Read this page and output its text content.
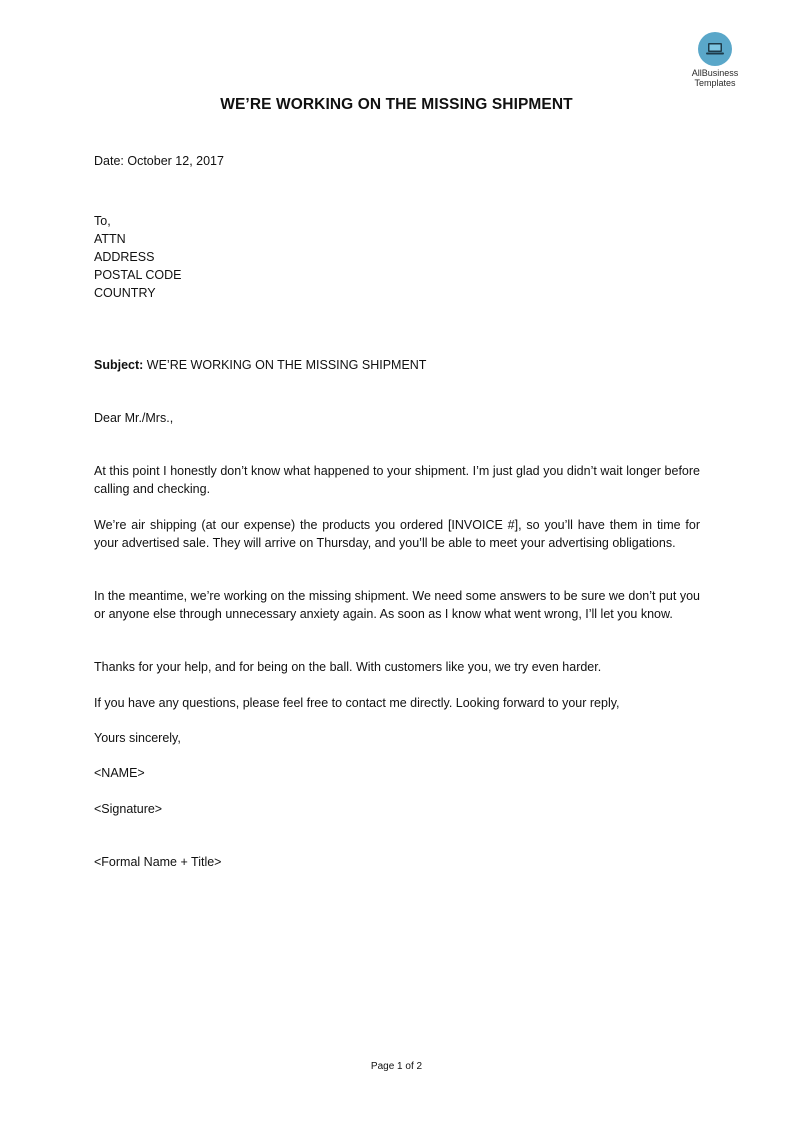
AllBusiness
Templates
WE’RE WORKING ON THE MISSING SHIPMENT
Date: October 12, 2017
To,
ATTN
ADDRESS
POSTAL CODE
COUNTRY
Subject: WE’RE WORKING ON THE MISSING SHIPMENT
Dear Mr./Mrs.,

At this point I honestly don’t know what happened to your shipment. I’m just glad you didn’t wait longer before calling and checking.

We’re air shipping (at our expense) the products you ordered [INVOICE #], so you’ll have them in time for your advertised sale. They will arrive on Thursday, and you’ll be able to meet your advertising obligations.

In the meantime, we’re working on the missing shipment. We need some answers to be sure we don’t put you or anyone else through unnecessary anxiety again. As soon as I know what went wrong, I’ll let you know.

Thanks for your help, and for being on the ball. With customers like you, we try even harder.

If you have any questions, please feel free to contact me directly. Looking forward to your reply,

Yours sincerely,
<NAME>
<Signature>
<Formal Name + Title>
Page 1 of 2
